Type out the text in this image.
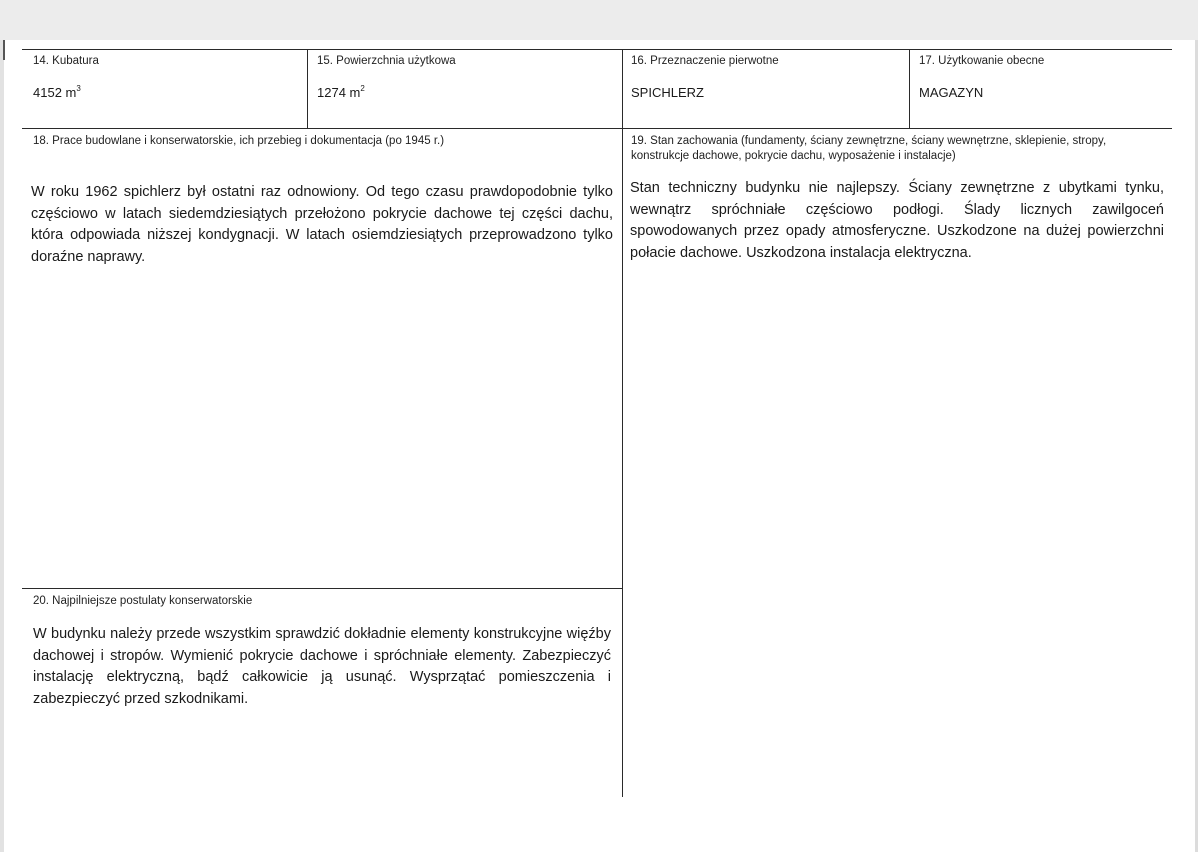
14. Kubatura
4152 $m^3$
15. Powierzchnia użytkowa
1274 $m^2$
16. Przeznaczenie pierwotne
SPICHLERZ
17. Użytkowanie obecne
MAGAZYN
18. Prace budowlane i konserwatorskie, ich przebieg i dokumentacja (po 1945 r.)
W roku 1962 spichlerz był ostatni raz odnowiony. Od tego czasu prawdopodobnie tylko częściowo w latach siedemdziesiątych przełożono pokrycie dachowe tej części dachu, która odpowiada niższej kondygnacji. W latach osiemdziesiątych przeprowadzono tylko doraźne naprawy.
19. Stan zachowania (fundamenty, ściany zewnętrzne, ściany wewnętrzne, sklepienie, stropy, konstrukcje dachowe, pokrycie dachu, wyposażenie i instalacje)
Stan techniczny budynku nie najlepszy. Ściany zewnętrzne z ubytkami tynku, wewnątrz spróchniałe częściowo podłogi. Ślady licznych zawilgoceń spowodowanych przez opady atmosferyczne. Uszkodzone na dużej powierzchni połacie dachowe. Uszkodzona instalacja elektryczna.
20. Najpilniejsze postulaty konserwatorskie
W budynku należy przede wszystkim sprawdzić dokładnie elementy konstrukcyjne więźby dachowej i stropów. Wymienić pokrycie dachowe i spróchniałe elementy. Zabezpieczyć instalację elektryczną, bądź całkowicie ją usunąć. Wysprzątać pomieszczenia i zabezpieczyć przed szkodnikami.
